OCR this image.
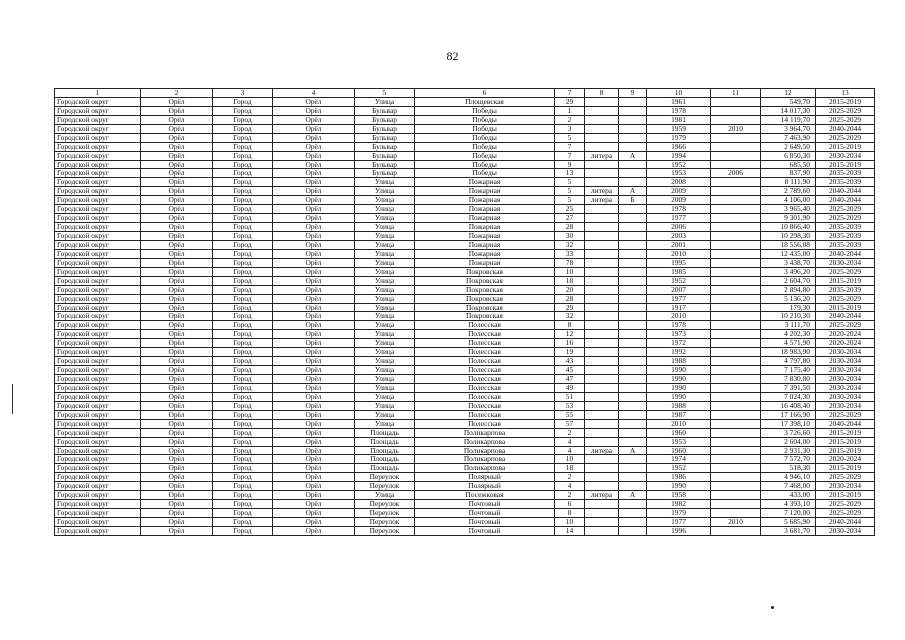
82
1	2	3	4	5	6	7	8	9	10	11	12	13
Городской округ	Орёл	Город	Орёл	Улица	Площевская	29			1961		549,70	2015-2019
Городской округ	Орёл	Город	Орёл	Бульвар	Победы	1			1978		14 017,30	2025-2029
Городской округ	Орёл	Город	Орёл	Бульвар	Победы	2			1981		14 119,70	2025-2029
Городской округ	Орёл	Город	Орёл	Бульвар	Победы	3			1959	2010	3 964,70	2040-2044
Городской округ	Орёл	Город	Орёл	Бульвар	Победы	5			1979		7 463,90	2025-2029
Городской округ	Орёл	Город	Орёл	Бульвар	Победы	7			1966		2 649,50	2015-2019
Городской округ	Орёл	Город	Орёл	Бульвар	Победы	7	литера	А	1994		6 850,30	2030-2034
Городской округ	Орёл	Город	Орёл	Бульвар	Победы	9			1952		685,50	2015-2019
Городской округ	Орёл	Город	Орёл	Бульвар	Победы	13			1953	2006	837,90	2035-2039
Городской округ	Орёл	Город	Орёл	Улица	Пожарная	5			2008		8 111,90	2035-2039
Городской округ	Орёл	Город	Орёл	Улица	Пожарная	5	литера	А	2009		2 789,60	2040-2044
Городской округ	Орёл	Город	Орёл	Улица	Пожарная	5	литера	Б	2009		4 106,00	2040-2044
Городской округ	Орёл	Город	Орёл	Улица	Пожарная	25			1978		3 965,40	2025-2029
Городской округ	Орёл	Город	Орёл	Улица	Пожарная	27			1977		9 301,90	2025-2029
Городской округ	Орёл	Город	Орёл	Улица	Пожарная	28			2006		10 866,40	2035-2039
Городской округ	Орёл	Город	Орёл	Улица	Пожарная	30			2003		10 298,30	2035-2039
Городской округ	Орёл	Город	Орёл	Улица	Пожарная	32			2001		18 556,08	2035-2039
Городской округ	Орёл	Город	Орёл	Улица	Пожарная	33			2010		12 435,00	2040-2044
Городской округ	Орёл	Город	Орёл	Улица	Пожарная	78			1995		3 438,70	2030-2034
Городской округ	Орёл	Город	Орёл	Улица	Покровская	10			1985		3 496,20	2025-2029
Городской округ	Орёл	Город	Орёл	Улица	Покровская	18			1952		2 604,70	2015-2019
Городской округ	Орёл	Город	Орёл	Улица	Покровская	20			2007		2 894,80	2035-2039
Городской округ	Орёл	Город	Орёл	Улица	Покровская	28			1977		5 136,20	2025-2029
Городской округ	Орёл	Город	Орёл	Улица	Покровская	29			1917		179,30	2015-2019
Городской округ	Орёл	Город	Орёл	Улица	Покровская	32			2010		10 210,30	2040-2044
Городской округ	Орёл	Город	Орёл	Улица	Полесская	8			1978		3 111,70	2025-2029
Городской округ	Орёл	Город	Орёл	Улица	Полесская	12			1973		4 202,30	2020-2024
Городской округ	Орёл	Город	Орёл	Улица	Полесская	16			1972		4 571,90	2020-2024
Городской округ	Орёл	Город	Орёл	Улица	Полесская	19			1992		18 983,90	2030-2034
Городской округ	Орёл	Город	Орёл	Улица	Полесская	43			1988		4 797,80	2030-2034
Городской округ	Орёл	Город	Орёл	Улица	Полесская	45			1990		7 175,40	2030-2034
Городской округ	Орёл	Город	Орёл	Улица	Полесская	47			1990		7 830,80	2030-2034
Городской округ	Орёл	Город	Орёл	Улица	Полесская	49			1990		7 391,50	2030-2034
Городской округ	Орёл	Город	Орёл	Улица	Полесская	51			1990		7 024,30	2030-2034
Городской округ	Орёл	Город	Орёл	Улица	Полесская	53			1988		16 408,40	2030-2034
Городской округ	Орёл	Город	Орёл	Улица	Полесская	55			1987		17 166,90	2025-2029
Городской округ	Орёл	Город	Орёл	Улица	Полесская	57			2010		17 398,10	2040-2044
Городской округ	Орёл	Город	Орёл	Площадь	Поликарпова	2			1960		3 726,60	2015-2019
Городской округ	Орёл	Город	Орёл	Площадь	Поликарпова	4			1953		2 604,00	2015-2019
Городской округ	Орёл	Город	Орёл	Площадь	Поликарпова	4	литера	А	1960		2 931,30	2015-2019
Городской округ	Орёл	Город	Орёл	Площадь	Поликарпова	10			1974		7 572,70	2020-2024
Городской округ	Орёл	Город	Орёл	Площадь	Поликарпова	18			1952		518,30	2015-2019
Городской округ	Орёл	Город	Орёл	Переулок	Полярный	2			1986		4 946,10	2025-2029
Городской округ	Орёл	Город	Орёл	Переулок	Полярный	4			1990		7 468,00	2030-2034
Городской округ	Орёл	Город	Орёл	Улица	Посежковая	2	литера	А	1958		433,00	2015-2019
Городской округ	Орёл	Город	Орёл	Переулок	Почтовый	6			1982		4 393,10	2025-2029
Городской округ	Орёл	Город	Орёл	Переулок	Почтовый	8			1979		7 120,00	2025-2029
Городской округ	Орёл	Город	Орёл	Переулок	Почтовый	10			1977	2010	5 685,90	2040-2044
Городской округ	Орёл	Город	Орёл	Переулок	Почтовый	14			1996		3 681,70	2030-2034
